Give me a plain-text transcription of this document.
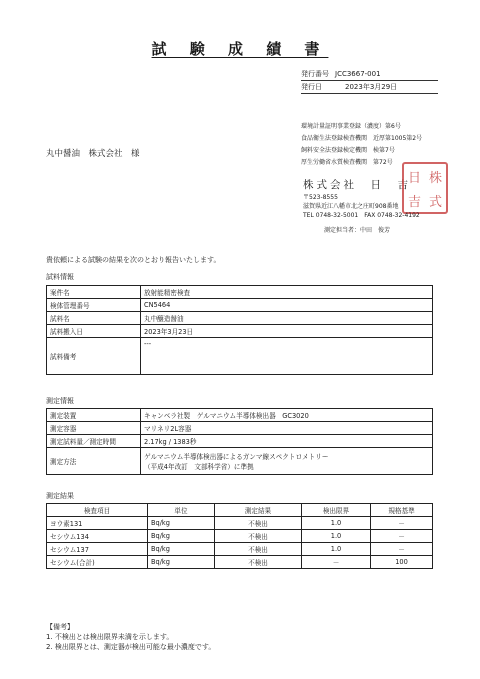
試 験 成 績 書
発行番号 JCC3667-001
発行日	2023年3月29日
環境計量証明事業登録（濃度）第6号
食品衛生法登録検査機関　近厚第1005第2号
飼料安全法登録検定機関　検第7号
厚生労働省水質検査機関　第72号
丸中醤油　株式会社　様
株式会社　日　吉
日 株
吉 式
〒523-8555
滋賀県近江八幡市北之庄町908番地
TEL 0748-32-5001　FAX 0748-32-4192
測定担当者：中田　俊芳
貴依頼による試験の結果を次のとおり報告いたします。
試料情報
案件名	放射能精密検査
検体管理番号	CN5464
試料名	丸中醸造醤油
試料搬入日	2023年3月23日
試料備考	---
測定情報
測定装置	キャンベラ社製　ゲルマニウム半導体検出器　GC3020
測定容器	マリネリ2L容器
測定試料量／測定時間	2.17kg / 1383秒
測定方法	ゲルマニウム半導体検出器によるガンマ線スペクトロメトリー
（平成4年改訂　文部科学省）に準拠
測定結果
検査項目	単位	測定結果	検出限界	規格基準
ヨウ素131	Bq/kg	不検出	1.0	－
セシウム134	Bq/kg	不検出	1.0	－
セシウム137	Bq/kg	不検出	1.0	－
セシウム(合計)	Bq/kg	不検出	－	100
【備考】
1. 不検出とは検出限界未満を示します。
2. 検出限界とは、測定器が検出可能な最小濃度です。
